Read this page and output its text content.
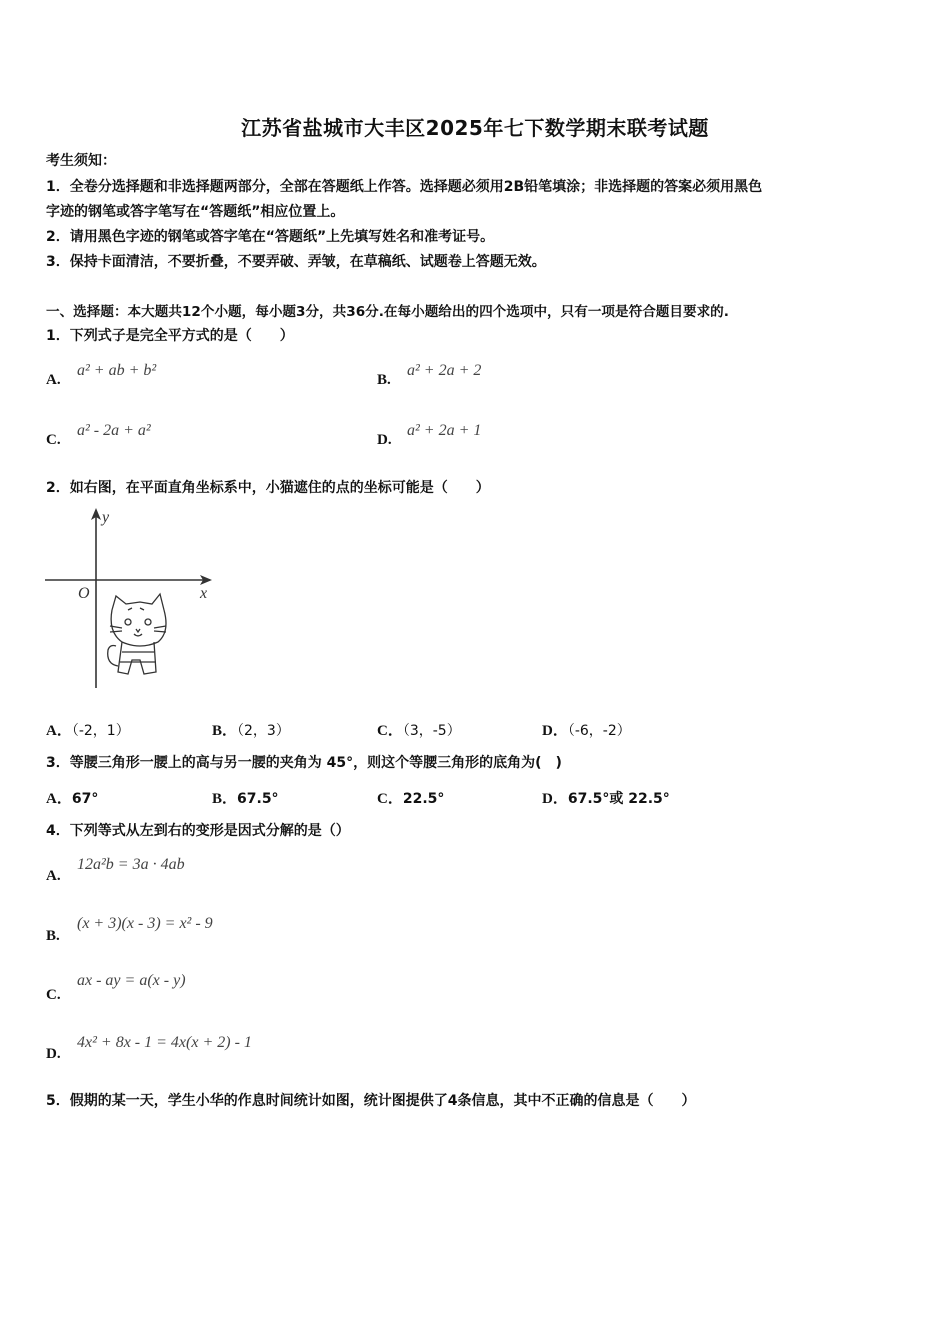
江苏省盐城市大丰区2025年七下数学期末联考试题
考生须知：
1．全卷分选择题和非选择题两部分，全部在答题纸上作答。选择题必须用2B铅笔填涂；非选择题的答案必须用黑色
字迹的钢笔或答字笔写在“答题纸”相应位置上。
2．请用黑色字迹的钢笔或答字笔在“答题纸”上先填写姓名和准考证号。
3．保持卡面清洁，不要折叠，不要弄破、弄皱，在草稿纸、试题卷上答题无效。
一、选择题：本大题共12个小题，每小题3分，共36分.在每小题给出的四个选项中，只有一项是符合题目要求的.
1．下列式子是完全平方式的是（　　）
A.
a² + ab + b²
B.
a² + 2a + 2
C.
a² - 2a + a²
D.
a² + 2a + 1
2．如右图，在平面直角坐标系中，小猫遮住的点的坐标可能是（　　）
x
y
O
A．（-2，1）	B．（2，3）	C．（3，-5）	D．（-6，-2）
3．等腰三角形一腰上的高与另一腰的夹角为 45°，则这个等腰三角形的底角为(　)
A．67°	B．67.5°	C．22.5°	D．67.5°或 22.5°
4．下列等式从左到右的变形是因式分解的是（）
A.
12a²b = 3a · 4ab
B.
(x + 3)(x - 3) = x² - 9
C.
ax - ay = a(x - y)
D.
4x² + 8x - 1 = 4x(x + 2) - 1
5．假期的某一天，学生小华的作息时间统计如图，统计图提供了4条信息，其中不正确的信息是（　　）
